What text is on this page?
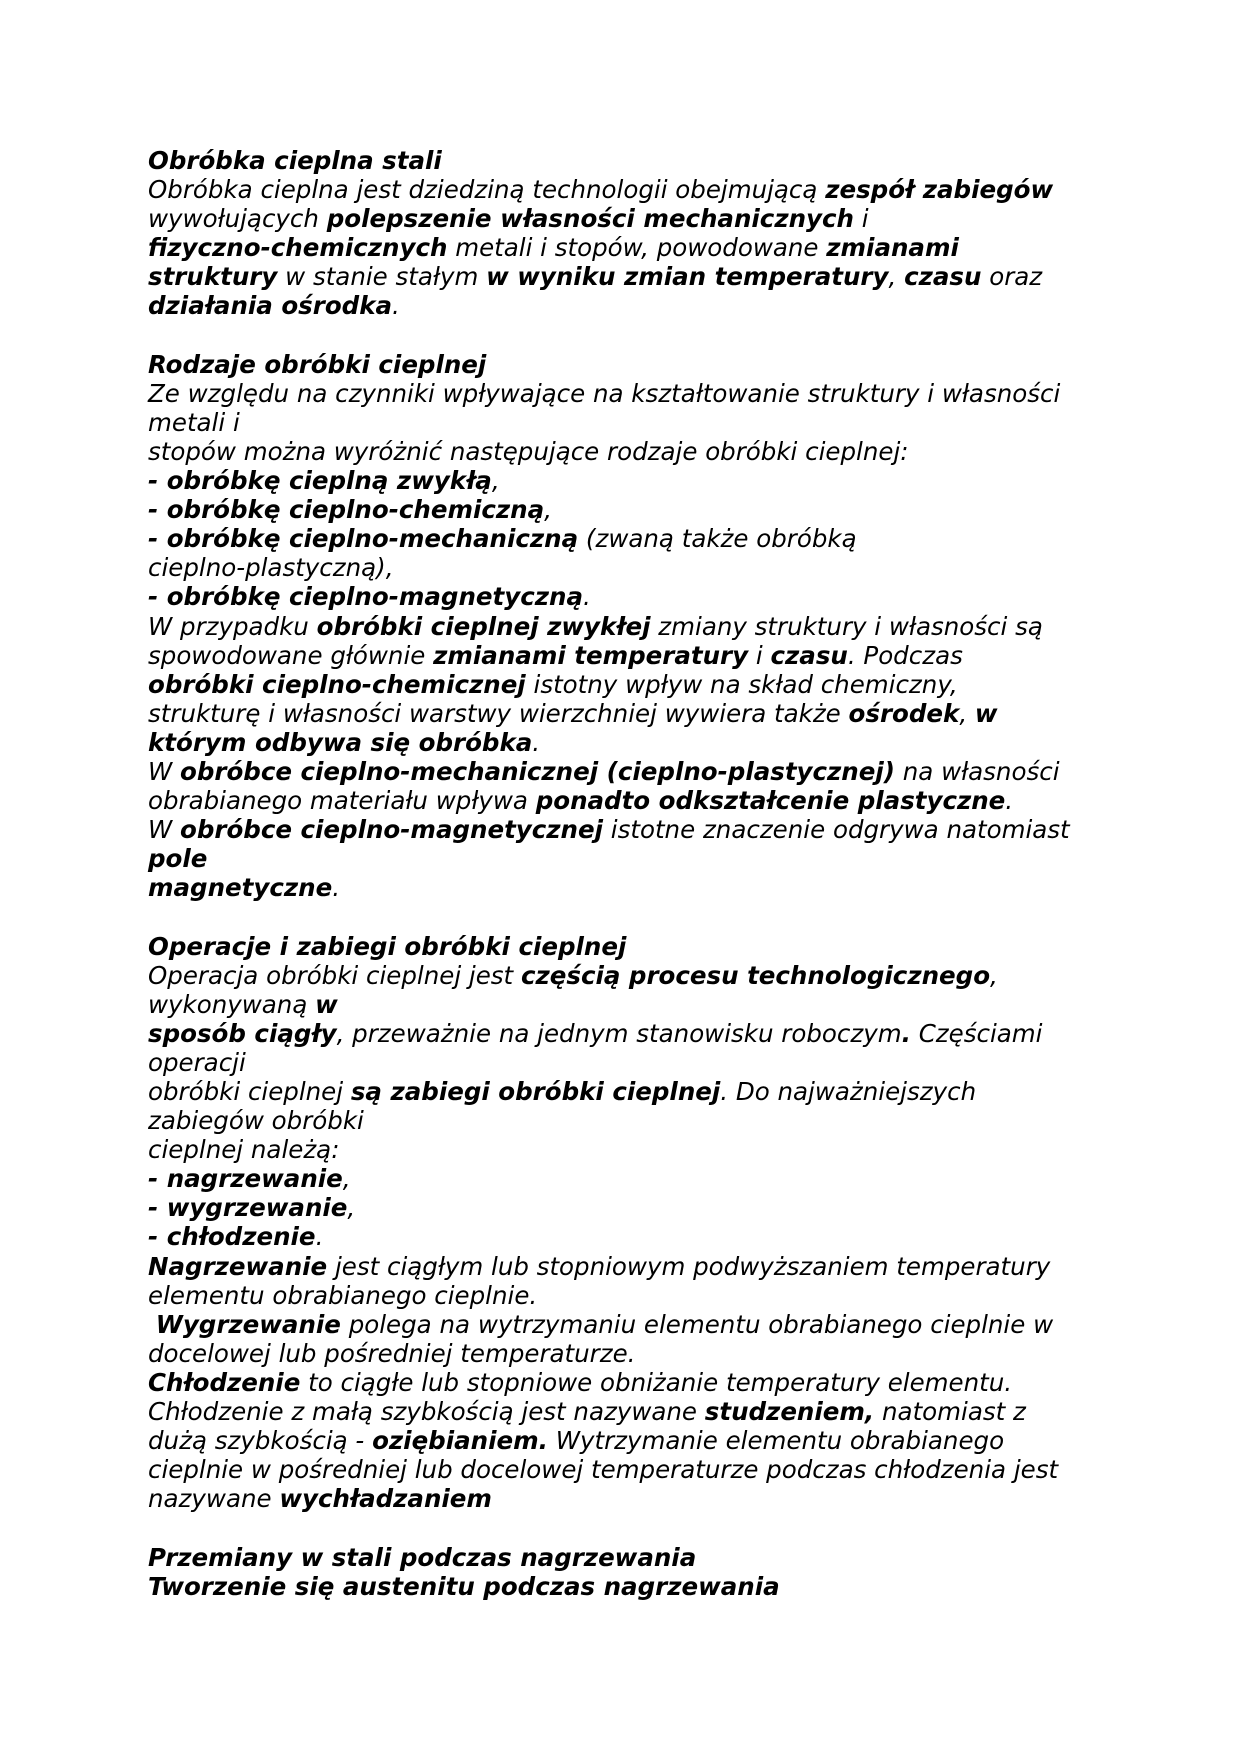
Obróbka cieplna stali
Obróbka cieplna jest dziedziną technologii obejmującą zespół zabiegów
wywołujących polepszenie własności mechanicznych i
fizyczno-chemicznych metali i stopów, powodowane zmianami
struktury w stanie stałym w wyniku zmian temperatury, czasu oraz
działania ośrodka.
Rodzaje obróbki cieplnej
Ze względu na czynniki wpływające na kształtowanie struktury i własności
metali i
stopów można wyróżnić następujące rodzaje obróbki cieplnej:
- obróbkę cieplną zwykłą,
- obróbkę cieplno-chemiczną,
- obróbkę cieplno-mechaniczną (zwaną także obróbką
cieplno-plastyczną),
- obróbkę cieplno-magnetyczną.
W przypadku obróbki cieplnej zwykłej zmiany struktury i własności są
spowodowane głównie zmianami temperatury i czasu. Podczas
obróbki cieplno-chemicznej istotny wpływ na skład chemiczny,
strukturę i własności warstwy wierzchniej wywiera także ośrodek, w
którym odbywa się obróbka.
W obróbce cieplno-mechanicznej (cieplno-plastycznej) na własności
obrabianego materiału wpływa ponadto odkształcenie plastyczne.
W obróbce cieplno-magnetycznej istotne znaczenie odgrywa natomiast
pole
magnetyczne.
Operacje i zabiegi obróbki cieplnej
Operacja obróbki cieplnej jest częścią procesu technologicznego,
wykonywaną w
sposób ciągły, przeważnie na jednym stanowisku roboczym. Częściami
operacji
obróbki cieplnej są zabiegi obróbki cieplnej. Do najważniejszych
zabiegów obróbki
cieplnej należą:
- nagrzewanie,
- wygrzewanie,
- chłodzenie.
Nagrzewanie jest ciągłym lub stopniowym podwyższaniem temperatury
elementu obrabianego cieplnie.
Wygrzewanie polega na wytrzymaniu elementu obrabianego cieplnie w
docelowej lub pośredniej temperaturze.
Chłodzenie to ciągłe lub stopniowe obniżanie temperatury elementu.
Chłodzenie z małą szybkością jest nazywane studzeniem, natomiast z
dużą szybkością - oziębianiem. Wytrzymanie elementu obrabianego
cieplnie w pośredniej lub docelowej temperaturze podczas chłodzenia jest
nazywane wychładzaniem
Przemiany w stali podczas nagrzewania
Tworzenie się austenitu podczas nagrzewania
